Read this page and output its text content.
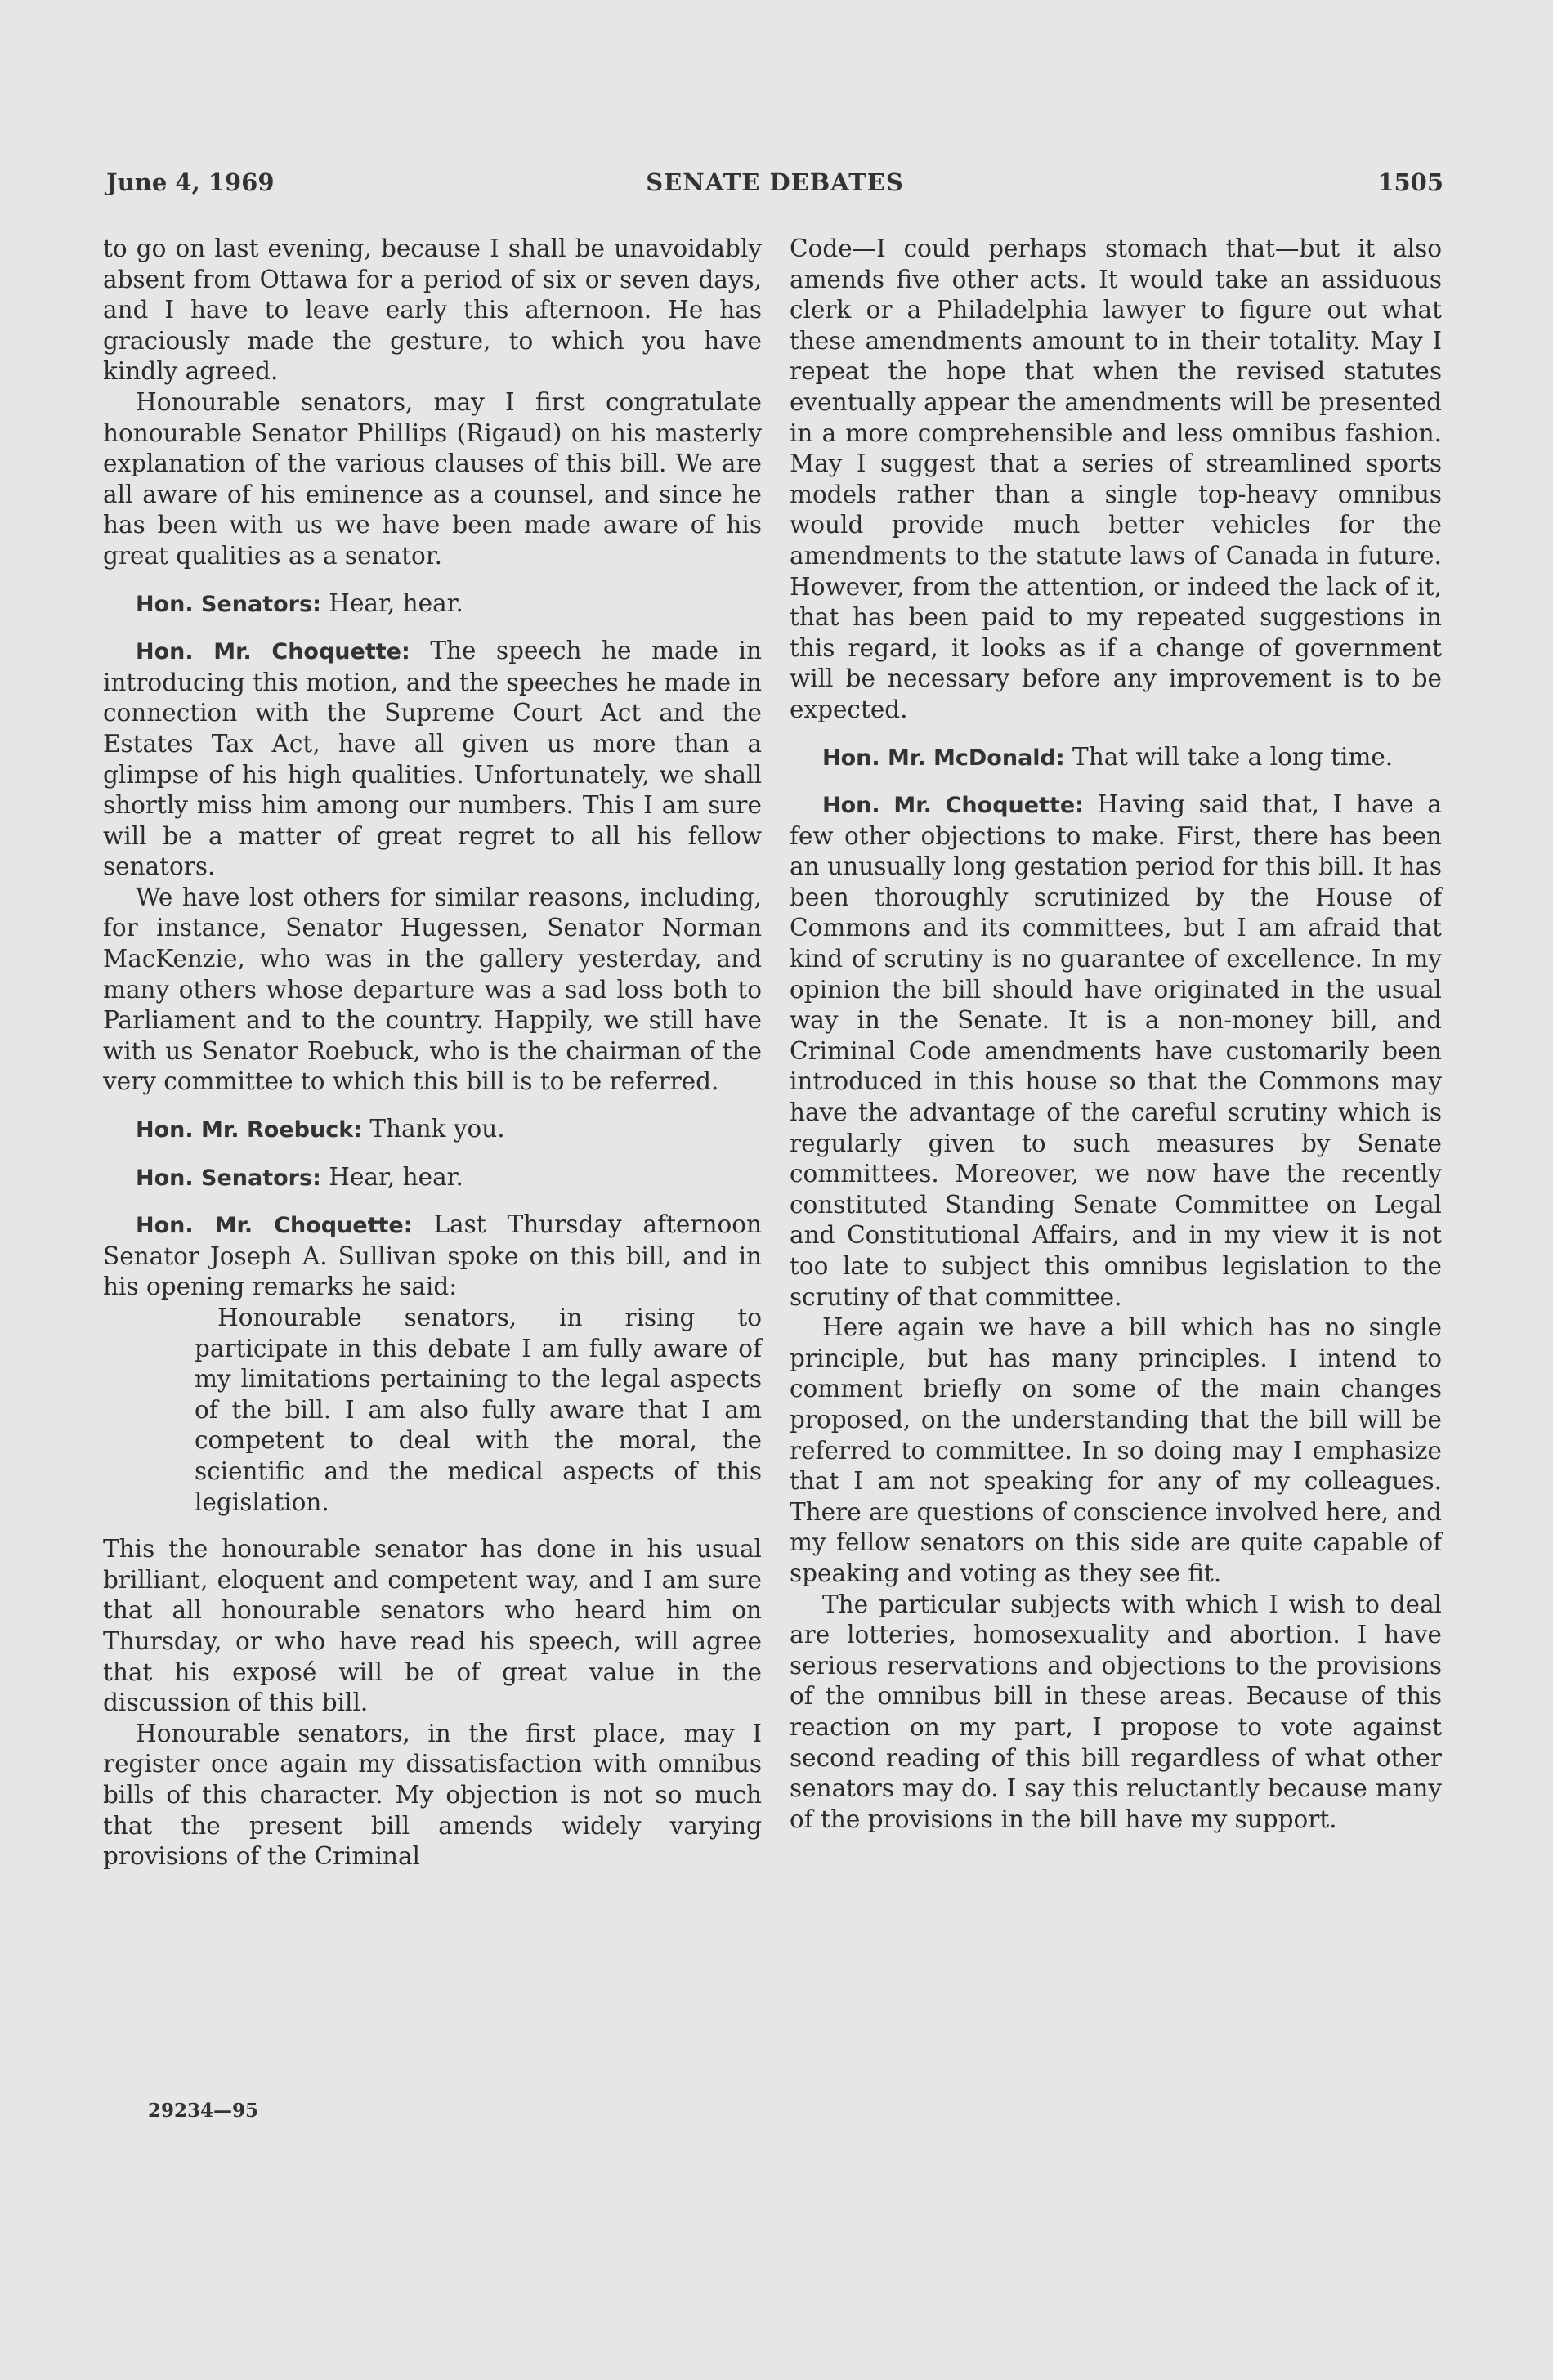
June 4, 1969	SENATE DEBATES	1505

to go on last evening, because I shall be unavoidably absent from Ottawa for a period of six or seven days, and I have to leave early this afternoon. He has graciously made the gesture, to which you have kindly agreed.

Honourable senators, may I first congratulate honourable Senator Phillips (Rigaud) on his masterly explanation of the various clauses of this bill. We are all aware of his eminence as a counsel, and since he has been with us we have been made aware of his great qualities as a senator.

Hon. Senators: Hear, hear.

Hon. Mr. Choquette: The speech he made in introducing this motion, and the speeches he made in connection with the Supreme Court Act and the Estates Tax Act, have all given us more than a glimpse of his high qualities. Unfortunately, we shall shortly miss him among our numbers. This I am sure will be a matter of great regret to all his fellow senators.

We have lost others for similar reasons, including, for instance, Senator Hugessen, Senator Norman MacKenzie, who was in the gallery yesterday, and many others whose departure was a sad loss both to Parliament and to the country. Happily, we still have with us Senator Roebuck, who is the chairman of the very committee to which this bill is to be referred.

Hon. Mr. Roebuck: Thank you.

Hon. Senators: Hear, hear.

Hon. Mr. Choquette: Last Thursday afternoon Senator Joseph A. Sullivan spoke on this bill, and in his opening remarks he said:

Honourable senators, in rising to participate in this debate I am fully aware of my limitations pertaining to the legal aspects of the bill. I am also fully aware that I am competent to deal with the moral, the scientific and the medical aspects of this legislation.

This the honourable senator has done in his usual brilliant, eloquent and competent way, and I am sure that all honourable senators who heard him on Thursday, or who have read his speech, will agree that his exposé will be of great value in the discussion of this bill.

Honourable senators, in the first place, may I register once again my dissatisfaction with omnibus bills of this character. My objection is not so much that the present bill amends widely varying provisions of the Criminal

Code—I could perhaps stomach that—but it also amends five other acts. It would take an assiduous clerk or a Philadelphia lawyer to figure out what these amendments amount to in their totality. May I repeat the hope that when the revised statutes eventually appear the amendments will be presented in a more comprehensible and less omnibus fashion. May I suggest that a series of streamlined sports models rather than a single top-heavy omnibus would provide much better vehicles for the amendments to the statute laws of Canada in future. However, from the attention, or indeed the lack of it, that has been paid to my repeated suggestions in this regard, it looks as if a change of government will be necessary before any improvement is to be expected.

Hon. Mr. McDonald: That will take a long time.

Hon. Mr. Choquette: Having said that, I have a few other objections to make. First, there has been an unusually long gestation period for this bill. It has been thoroughly scrutinized by the House of Commons and its committees, but I am afraid that kind of scrutiny is no guarantee of excellence. In my opinion the bill should have originated in the usual way in the Senate. It is a non-money bill, and Criminal Code amendments have customarily been introduced in this house so that the Commons may have the advantage of the careful scrutiny which is regularly given to such measures by Senate committees. Moreover, we now have the recently constituted Standing Senate Committee on Legal and Constitutional Affairs, and in my view it is not too late to subject this omnibus legislation to the scrutiny of that committee.

Here again we have a bill which has no single principle, but has many principles. I intend to comment briefly on some of the main changes proposed, on the understanding that the bill will be referred to committee. In so doing may I emphasize that I am not speaking for any of my colleagues. There are questions of conscience involved here, and my fellow senators on this side are quite capable of speaking and voting as they see fit.

The particular subjects with which I wish to deal are lotteries, homosexuality and abortion. I have serious reservations and objections to the provisions of the omnibus bill in these areas. Because of this reaction on my part, I propose to vote against second reading of this bill regardless of what other senators may do. I say this reluctantly because many of the provisions in the bill have my support.

29234—95
